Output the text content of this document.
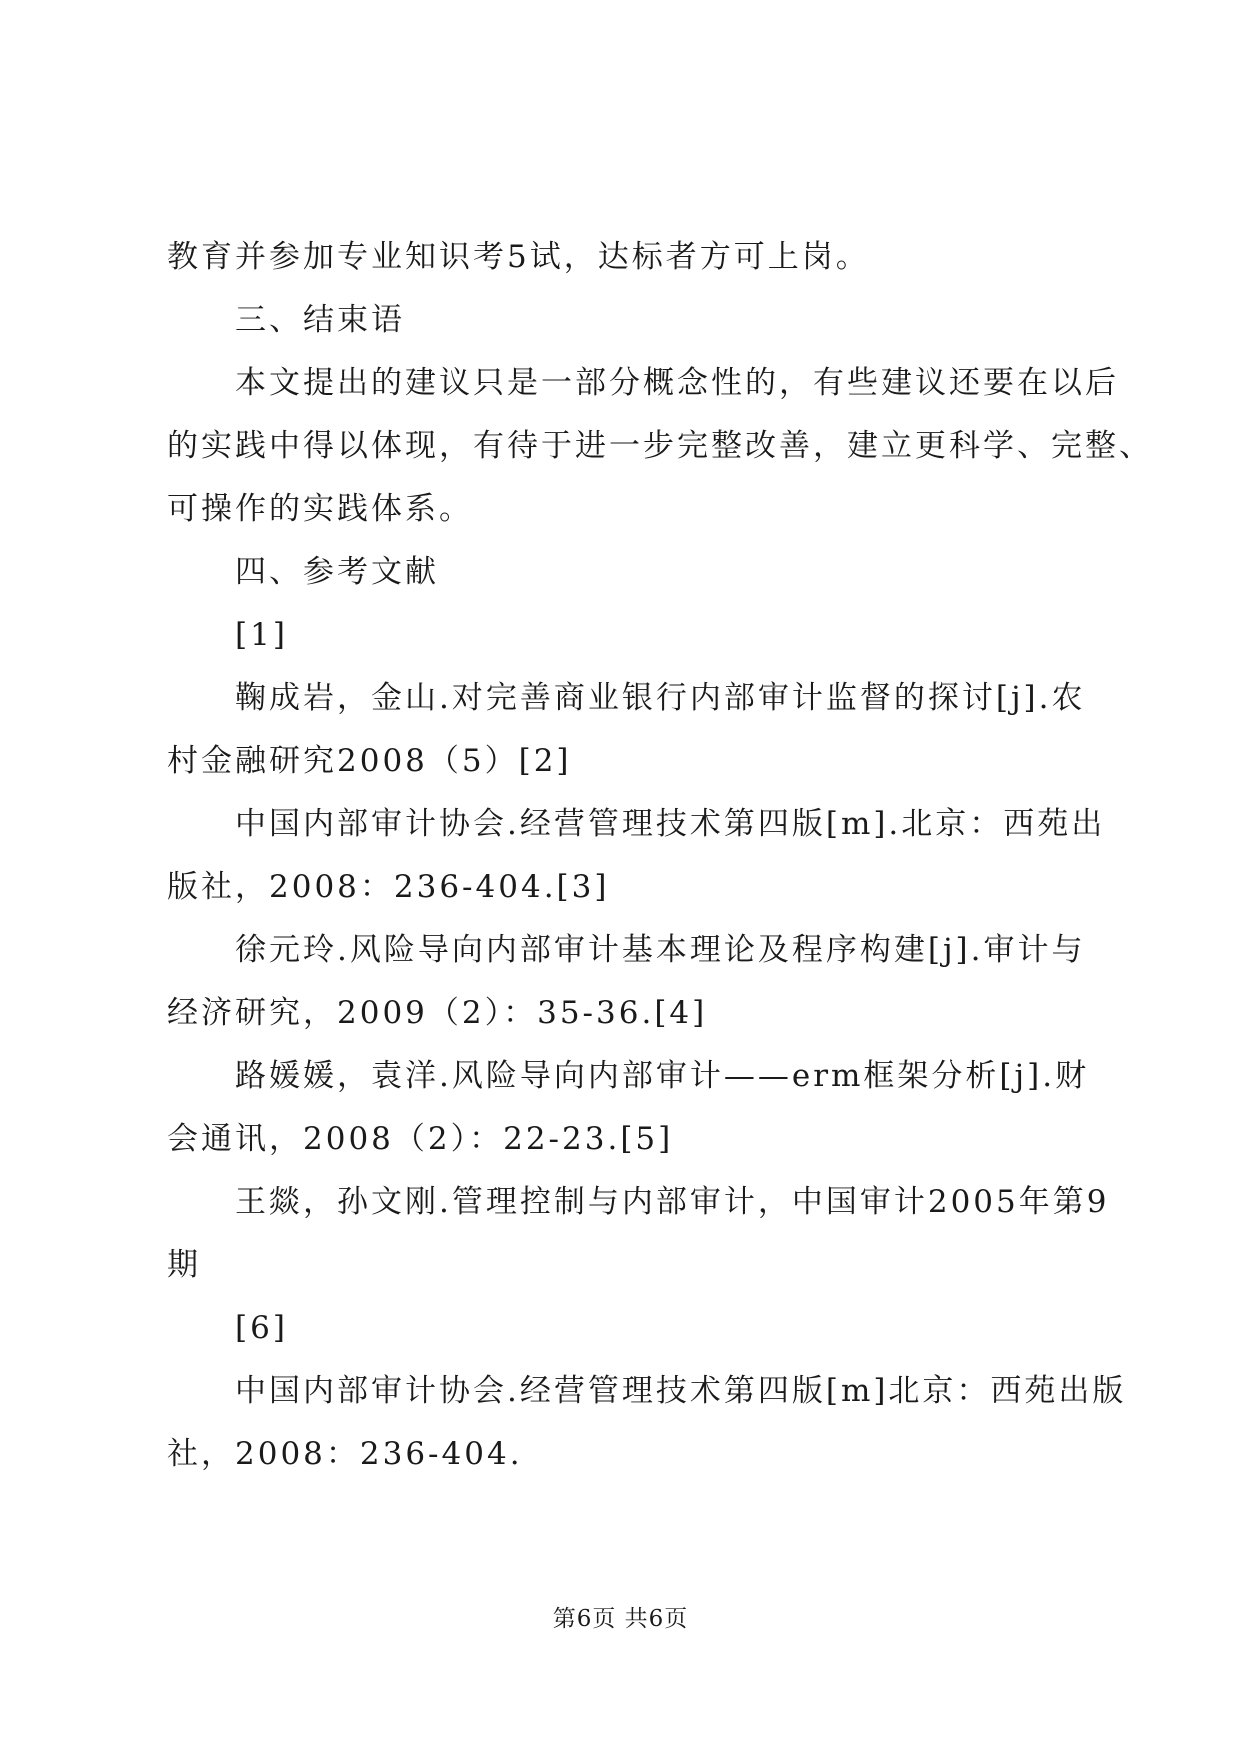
教育并参加专业知识考5试，达标者方可上岗。
三、结束语
本文提出的建议只是一部分概念性的，有些建议还要在以后
的实践中得以体现，有待于进一步完整改善，建立更科学、完整、
可操作的实践体系。
四、参考文献
[1]
鞠成岩，金山.对完善商业银行内部审计监督的探讨[j].农
村金融研究2008（5）[2]
中国内部审计协会.经营管理技术第四版[m].北京：西苑出
版社，2008：236-404.[3]
徐元玲.风险导向内部审计基本理论及程序构建[j].审计与
经济研究，2009（2）：35-36.[4]
路媛媛，袁洋.风险导向内部审计——erm框架分析[j].财
会通讯，2008（2）：22-23.[5]
王燚，孙文刚.管理控制与内部审计，中国审计2005年第9
期
[6]
中国内部审计协会.经营管理技术第四版[m]北京：西苑出版
社，2008：236-404.
第6页 共6页
